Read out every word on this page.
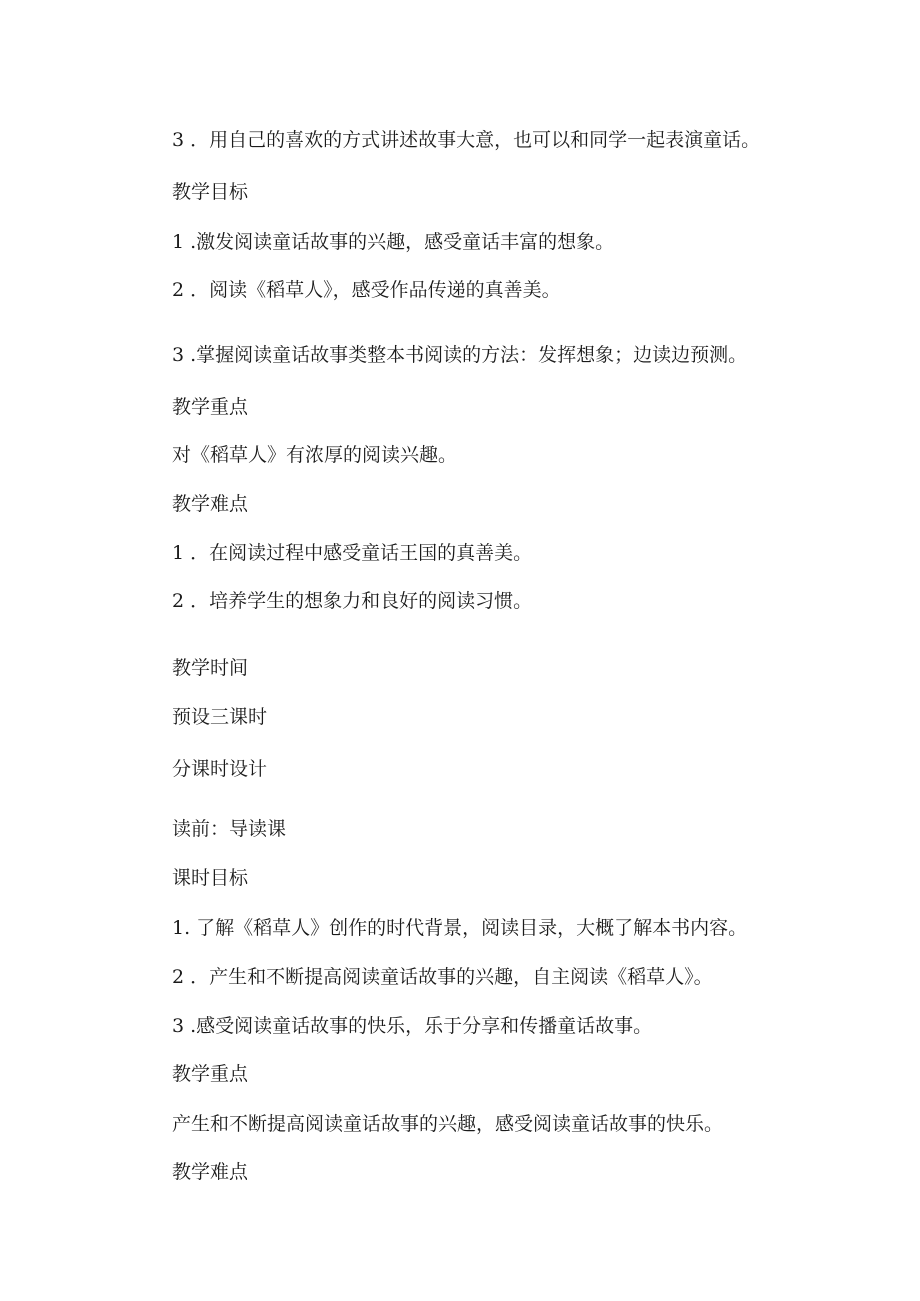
3 ．用自己的喜欢的方式讲述故事大意，也可以和同学一起表演童话。
教学目标
1 .激发阅读童话故事的兴趣，感受童话丰富的想象。
2 ．阅读《稻草人》，感受作品传递的真善美。
3 .掌握阅读童话故事类整本书阅读的方法：发挥想象；边读边预测。
教学重点
对《稻草人》有浓厚的阅读兴趣。
教学难点
1 ．在阅读过程中感受童话王国的真善美。
2 ．培养学生的想象力和良好的阅读习惯。
教学时间
预设三课时
分课时设计
读前：导读课
课时目标
1. 了解《稻草人》创作的时代背景，阅读目录，大概了解本书内容。
2 ．产生和不断提高阅读童话故事的兴趣，自主阅读《稻草人》。
3 .感受阅读童话故事的快乐，乐于分享和传播童话故事。
教学重点
产生和不断提高阅读童话故事的兴趣，感受阅读童话故事的快乐。
教学难点
